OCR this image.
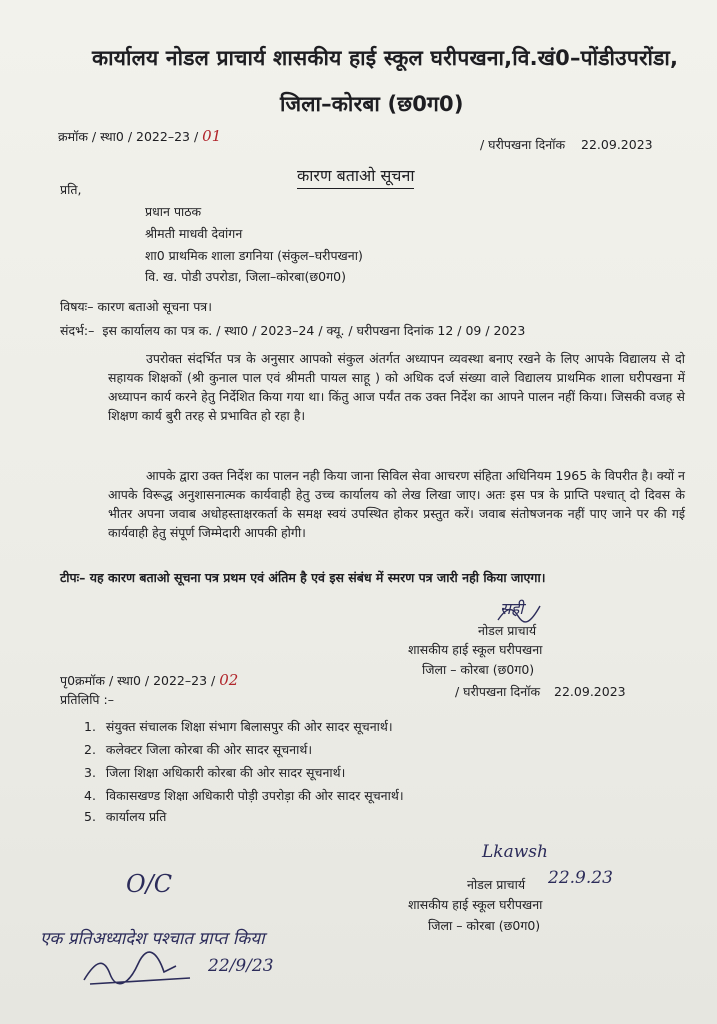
कार्यालय नोडल प्राचार्य शासकीय हाई स्कूल घरीपखना,वि.खं0–पोंडीउपरोंडा,
जिला–कोरबा (छ0ग0)
क्रमॉक / स्था0 / 2022–23 / 01	/ घरीपखना दिनॉक 22.09.2023
कारण बताओ सूचना
प्रति,
प्रधान पाठक
श्रीमती माधवी देवांगन
शा0 प्राथमिक शाला डगनिया (संकुल–घरीपखना)
वि. ख. पोडी उपरोडा, जिला–कोरबा(छ0ग0)
विषयः– कारण बताओ सूचना पत्र।
संदर्भ:– इस कार्यालय का पत्र क. / स्था0 / 2023–24 / क्यू. / घरीपखना दिनांक 12 / 09 / 2023
उपरोक्त संदर्भित पत्र के अनुसार आपको संकुल अंतर्गत अध्यापन व्यवस्था बनाए रखने के लिए आपके विद्यालय से दो सहायक शिक्षकों (श्री कुनाल पाल एवं श्रीमती पायल साहू ) को अधिक दर्ज संख्या वाले विद्यालय प्राथमिक शाला घरीपखना में अध्यापन कार्य करने हेतु निर्देशित किया गया था। किंतु आज पर्यंत तक उक्त निर्देश का आपने पालन नहीं किया। जिसकी वजह से शिक्षण कार्य बुरी तरह से प्रभावित हो रहा है।
आपके द्वारा उक्त निर्देश का पालन नही किया जाना सिविल सेवा आचरण संहिता अधिनियम 1965 के विपरीत है। क्यों न आपके विरूद्ध अनुशासनात्मक कार्यवाही हेतु उच्च कार्यालय को लेख लिखा जाए। अतः इस पत्र के प्राप्ति पश्चात् दो दिवस के भीतर अपना जवाब अधोहस्ताक्षरकर्ता के समक्ष स्वयं उपस्थित होकर प्रस्तुत करें। जवाब संतोषजनक नहीं पाए जाने पर की गई कार्यवाही हेतु संपूर्ण जिम्मेदारी आपकी होगी।
टीपः– यह कारण बताओ सूचना पत्र प्रथम एवं अंतिम है एवं इस संबंध में स्मरण पत्र जारी नही किया जाएगा।
सही
नोडल प्राचार्य
शासकीय हाई स्कूल घरीपखना
जिला – कोरबा (छ0ग0)
/ घरीपखना दिनॉक 22.09.2023
पृ0क्रमॉक / स्था0 / 2022–23 / 02
प्रतिलिपि :–
1. संयुक्त संचालक शिक्षा संभाग बिलासपुर की ओर सादर सूचनार्थ।
2. कलेक्टर जिला कोरबा की ओर सादर सूचनार्थ।
3. जिला शिक्षा अधिकारी कोरबा की ओर सादर सूचनार्थ।
4. विकासखण्ड शिक्षा अधिकारी पोड़ी उपरोड़ा की ओर सादर सूचनार्थ।
5. कार्यालय प्रति
Lkawsh
नोडल प्राचार्य 22.9.23
शासकीय हाई स्कूल घरीपखना
जिला – कोरबा (छ0ग0)
O/C
एक प्रतिअध्यादेश पश्चात प्राप्त किया
22/9/23
